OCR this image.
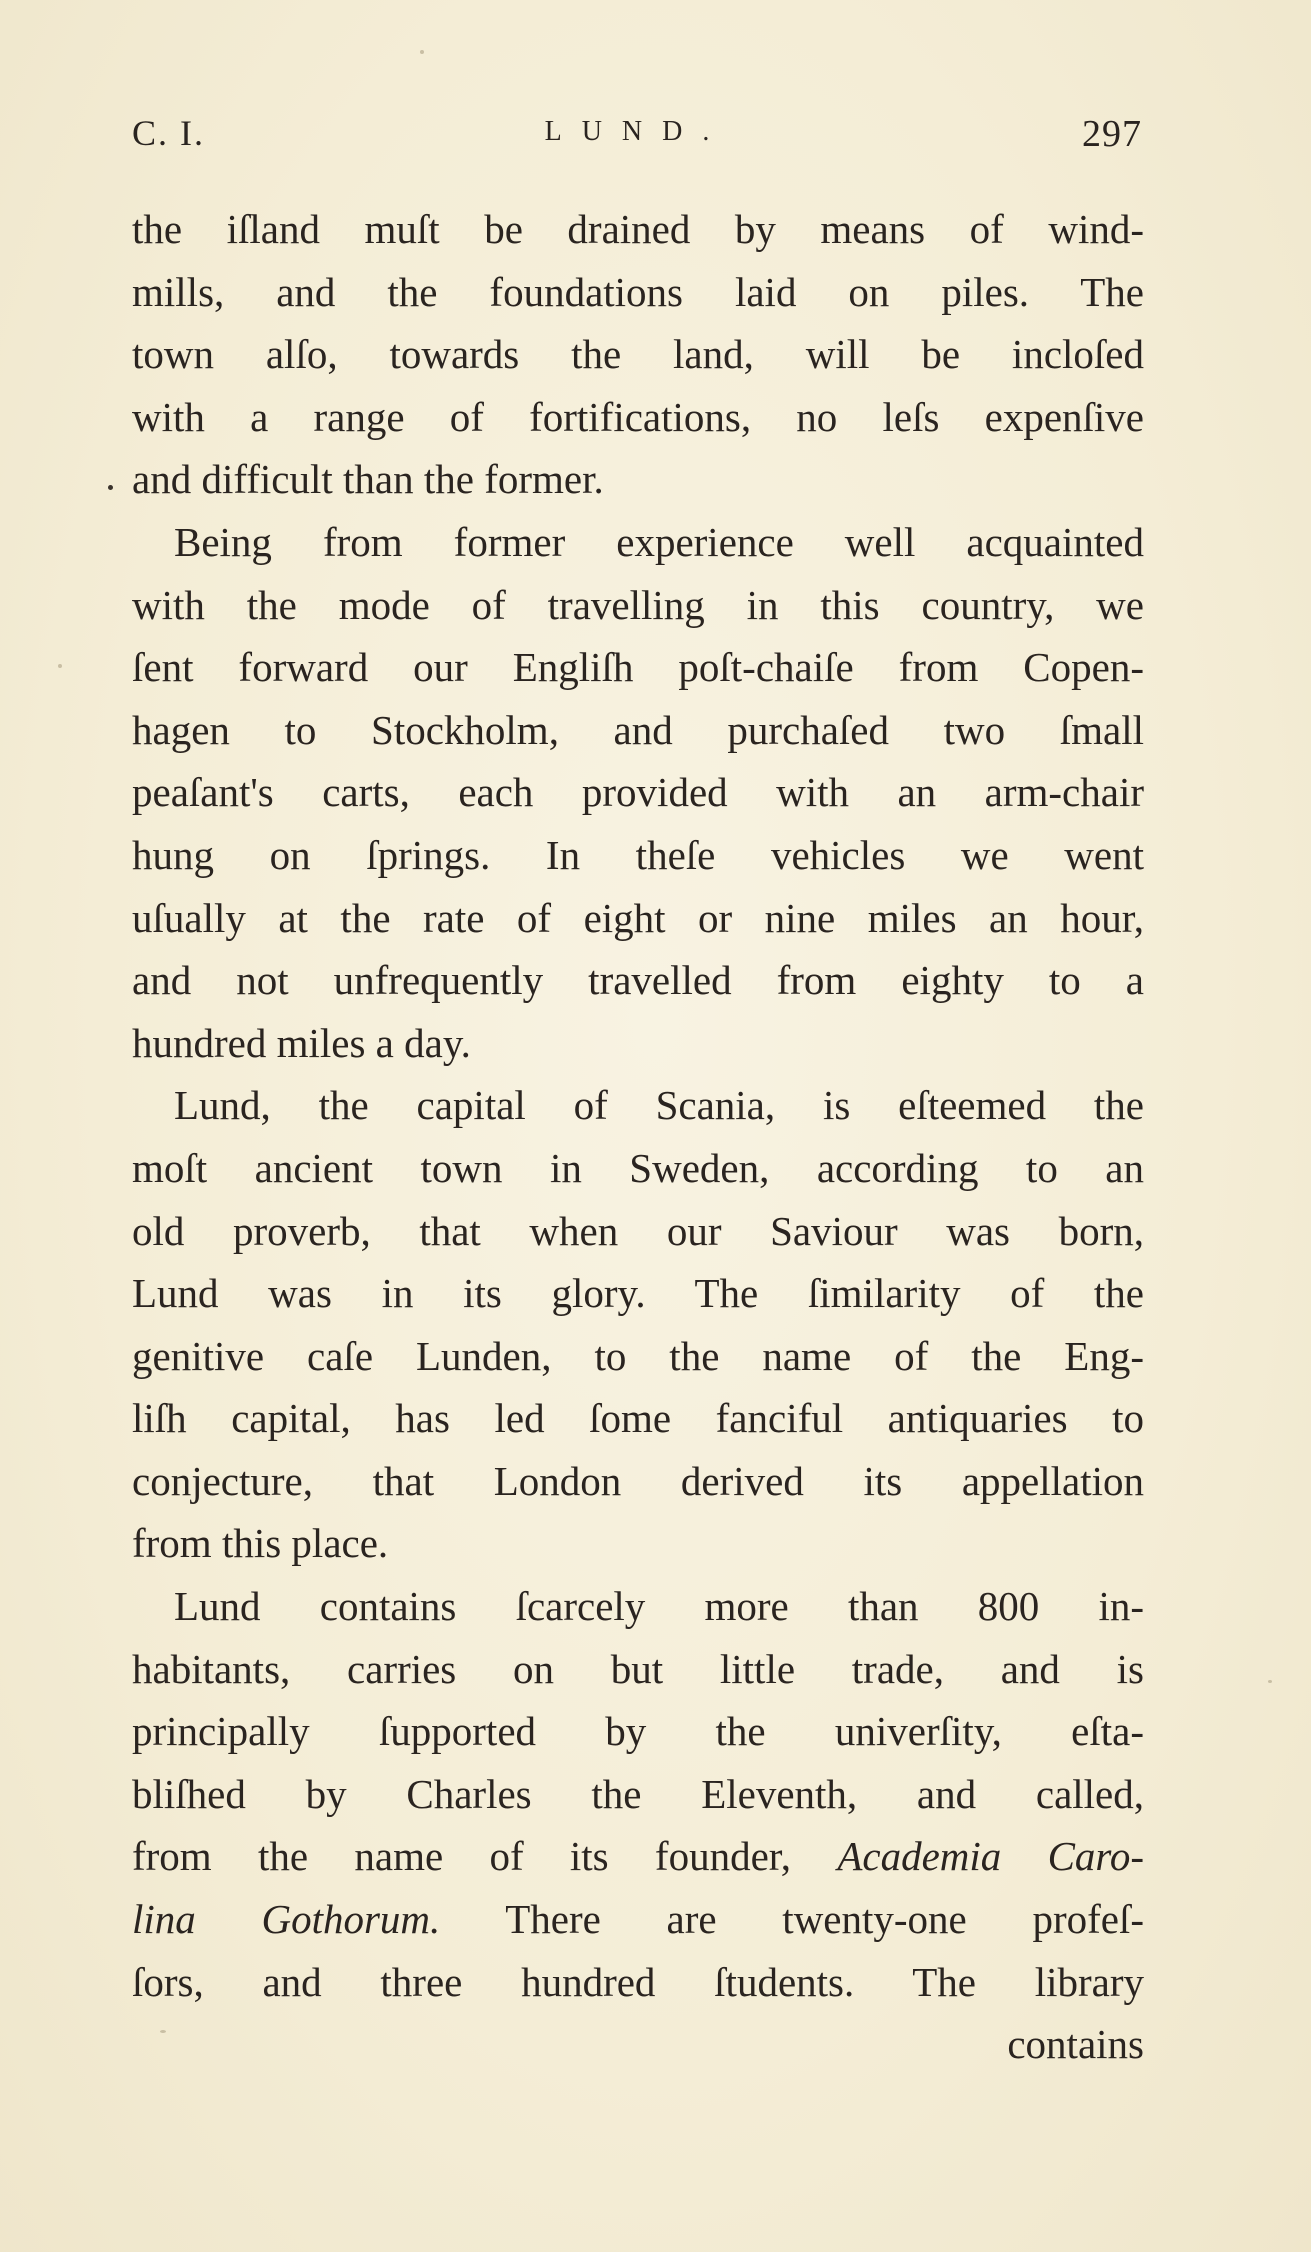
C. I.	LUND.	297
the iſland muſt be drained by means of wind-
mills, and the foundations laid on piles. The
town alſo, towards the land, will be incloſed
with a range of fortifications, no leſs expenſive
and difficult than the former.
Being from former experience well acquainted
with the mode of travelling in this country, we
ſent forward our Engliſh poſt-chaiſe from Copen-
hagen to Stockholm, and purchaſed two ſmall
peaſant's carts, each provided with an arm-chair
hung on ſprings. In theſe vehicles we went
uſually at the rate of eight or nine miles an hour,
and not unfrequently travelled from eighty to a
hundred miles a day.
Lund, the capital of Scania, is eſteemed the
moſt ancient town in Sweden, according to an
old proverb, that when our Saviour was born,
Lund was in its glory. The ſimilarity of the
genitive caſe Lunden, to the name of the Eng-
liſh capital, has led ſome fanciful antiquaries to
conjecture, that London derived its appellation
from this place.
Lund contains ſcarcely more than 800 in-
habitants, carries on but little trade, and is
principally ſupported by the univerſity, eſta-
bliſhed by Charles the Eleventh, and called,
from the name of its founder, Academia Caro-
lina Gothorum. There are twenty-one profeſ-
ſors, and three hundred ſtudents. The library
contains
